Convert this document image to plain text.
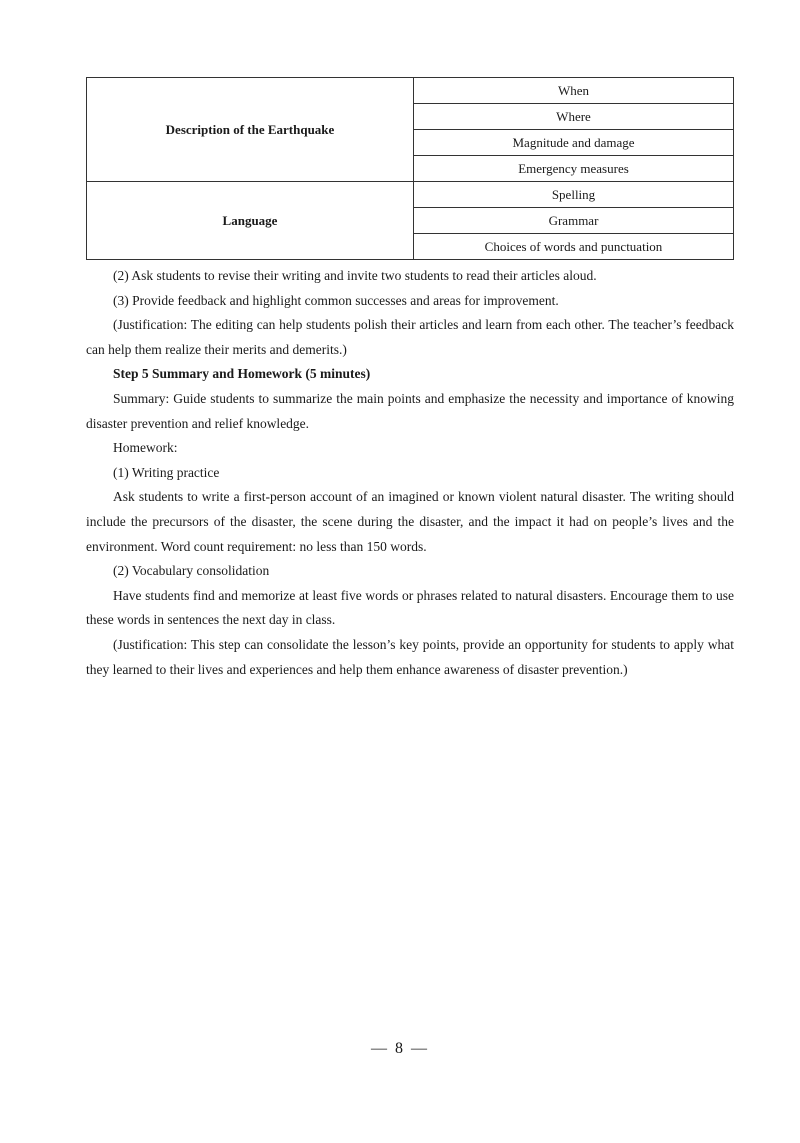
Description of the Earthquake	When
	Where
	Magnitude and damage
	Emergency measures
Language	Spelling
	Grammar
	Choices of words and punctuation

(2) Ask students to revise their writing and invite two students to read their articles aloud.

(3) Provide feedback and highlight common successes and areas for improvement.

(Justification: The editing can help students polish their articles and learn from each other. The teacher’s feedback can help them realize their merits and demerits.)

Step 5 Summary and Homework (5 minutes)

Summary: Guide students to summarize the main points and emphasize the necessity and importance of knowing disaster prevention and relief knowledge.

Homework:

(1) Writing practice

Ask students to write a first-person account of an imagined or known violent natural disaster. The writing should include the precursors of the disaster, the scene during the disaster, and the impact it had on people’s lives and the environment. Word count requirement: no less than 150 words.

(2) Vocabulary consolidation

Have students find and memorize at least five words or phrases related to natural disasters. Encourage them to use these words in sentences the next day in class.

(Justification: This step can consolidate the lesson’s key points, provide an opportunity for students to apply what they learned to their lives and experiences and help them enhance awareness of disaster prevention.)

— 8 —
